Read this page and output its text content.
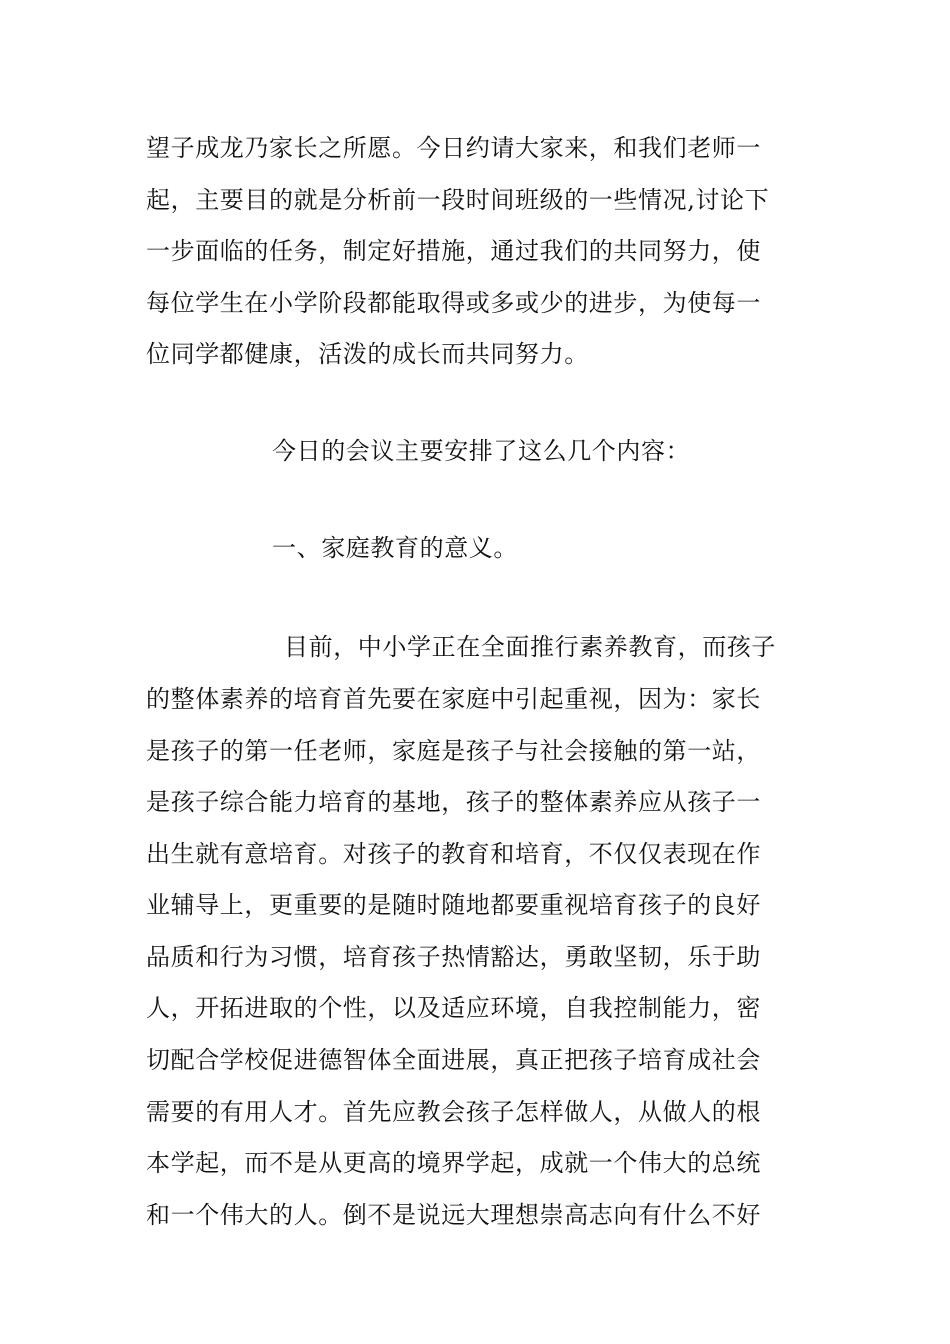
望子成龙乃家长之所愿。今日约请大家来，和我们老师一
起，主要目的就是分析前一段时间班级的一些情况,讨论下
一步面临的任务，制定好措施，通过我们的共同努力，使
每位学生在小学阶段都能取得或多或少的进步，为使每一
位同学都健康，活泼的成长而共同努力。
今日的会议主要安排了这么几个内容：
一、家庭教育的意义。
目前，中小学正在全面推行素养教育，而孩子
的整体素养的培育首先要在家庭中引起重视，因为：家长
是孩子的第一任老师，家庭是孩子与社会接触的第一站，
是孩子综合能力培育的基地，孩子的整体素养应从孩子一
出生就有意培育。对孩子的教育和培育，不仅仅表现在作
业辅导上，更重要的是随时随地都要重视培育孩子的良好
品质和行为习惯，培育孩子热情豁达，勇敢坚韧，乐于助
人，开拓进取的个性，以及适应环境，自我控制能力，密
切配合学校促进德智体全面进展，真正把孩子培育成社会
需要的有用人才。首先应教会孩子怎样做人，从做人的根
本学起，而不是从更高的境界学起，成就一个伟大的总统
和一个伟大的人。倒不是说远大理想崇高志向有什么不好
